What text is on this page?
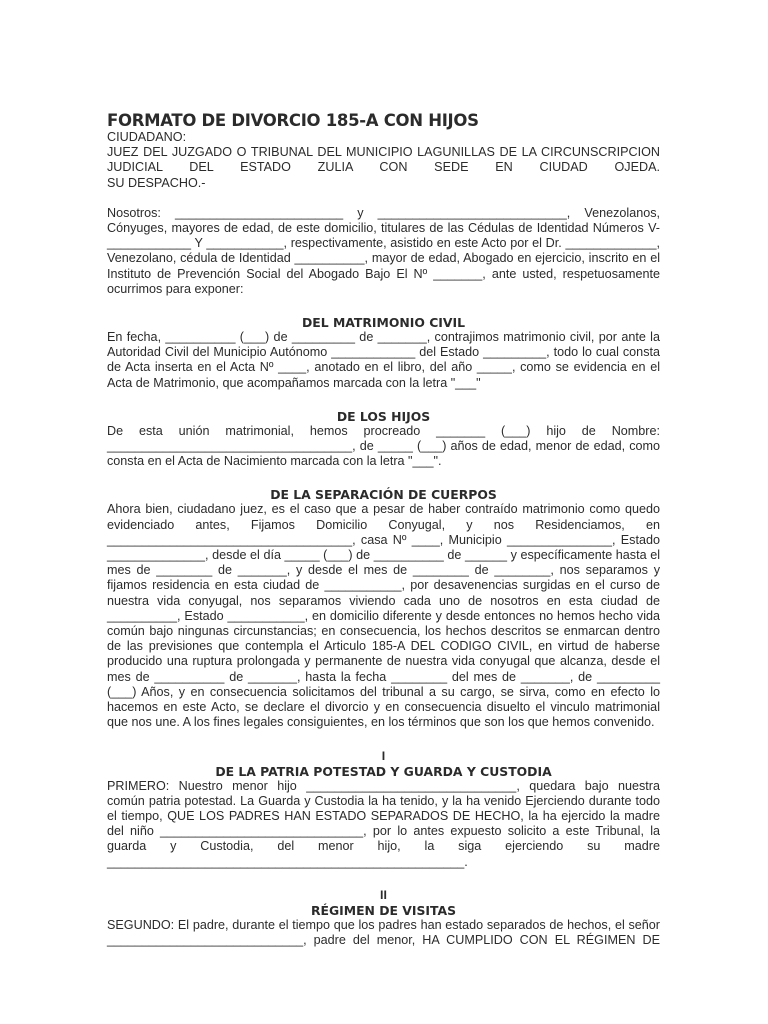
FORMATO DE DIVORCIO 185-A CON HIJOS

CIUDADANO:

JUEZ DEL JUZGADO O TRIBUNAL DEL MUNICIPIO LAGUNILLAS DE LA CIRCUNSCRIPCION

JUDICIAL DEL ESTADO ZULIA CON SEDE EN CIUDAD OJEDA.

SU DESPACHO.-

Nosotros: ________________________ y ___________________________, Venezolanos, Cónyuges, mayores de edad, de este domicilio, titulares de las Cédulas de Identidad Números V-____________ Y ___________, respectivamente, asistido en este Acto por el Dr. _____________, Venezolano, cédula de Identidad __________, mayor de edad, Abogado en ejercicio, inscrito en el Instituto de Prevención Social del Abogado Bajo El Nº _______, ante usted, respetuosamente ocurrimos para exponer:

DEL MATRIMONIO CIVIL

En fecha, __________ (___) de _________ de _______, contrajimos matrimonio civil, por ante la Autoridad Civil del Municipio Autónomo ____________ del Estado _________, todo lo cual consta de Acta inserta en el Acta Nº ____, anotado en el libro, del año _____, como se evidencia en el Acta de Matrimonio, que acompañamos marcada con la letra "___"

DE LOS HIJOS

De esta unión matrimonial, hemos procreado _______ (___) hijo de Nombre: ___________________________________, de _____ (___) años de edad, menor de edad, como consta en el Acta de Nacimiento marcada con la letra "___".

DE LA SEPARACIÓN DE CUERPOS

Ahora bien, ciudadano juez, es el caso que a pesar de haber contraído matrimonio como quedo evidenciado antes, Fijamos Domicilio Conyugal, y nos Residenciamos, en ___________________________________, casa Nº ____, Municipio _______________, Estado ______________, desde el día _____ (___) de __________ de ______ y específicamente hasta el mes de ________ de _______, y desde el mes de ________ de ________, nos separamos y fijamos residencia en esta ciudad de ___________, por desavenencias surgidas en el curso de nuestra vida conyugal, nos separamos viviendo cada uno de nosotros en esta ciudad de __________, Estado ___________, en domicilio diferente y desde entonces no hemos hecho vida común bajo ningunas circunstancias; en consecuencia, los hechos descritos se enmarcan dentro de las previsiones que contempla el Articulo 185-A DEL CODIGO CIVIL, en virtud de haberse producido una ruptura prolongada y permanente de nuestra vida conyugal que alcanza, desde el mes de __________ de _______, hasta la fecha ________ del mes de _______, de _________ (___) Años, y en consecuencia solicitamos del tribunal a su cargo, se sirva, como en efecto lo hacemos en este Acto, se declare el divorcio y en consecuencia disuelto el vinculo matrimonial que nos une. A los fines legales consiguientes, en los términos que son los que hemos convenido.

I

DE LA PATRIA POTESTAD Y GUARDA Y CUSTODIA

PRIMERO: Nuestro menor hijo ______________________________, quedara bajo nuestra común patria potestad. La Guarda y Custodia la ha tenido, y la ha venido Ejerciendo durante todo el tiempo, QUE LOS PADRES HAN ESTADO SEPARADOS DE HECHO, la ha ejercido la madre del niño _____________________________, por lo antes expuesto solicito a este Tribunal, la guarda y Custodia, del menor hijo, la siga ejerciendo su madre ___________________________________________________.

II

RÉGIMEN DE VISITAS

SEGUNDO: El padre, durante el tiempo que los padres han estado separados de hechos, el señor ____________________________, padre del menor, HA CUMPLIDO CON EL RÉGIMEN DE
